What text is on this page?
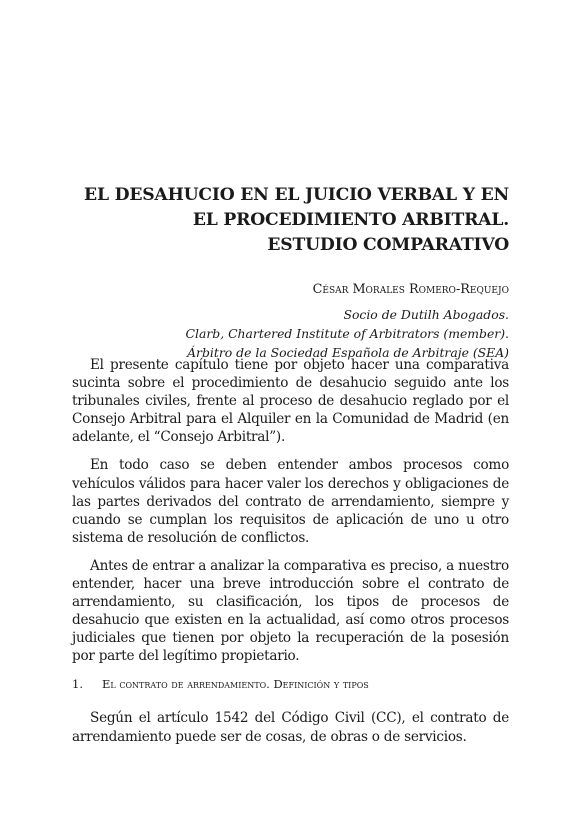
EL DESAHUCIO EN EL JUICIO VERBAL Y EN
EL PROCEDIMIENTO ARBITRAL.
ESTUDIO COMPARATIVO
César Morales Romero-Requejo
Socio de Dutilh Abogados.
Clarb, Chartered Institute of Arbitrators (member).
Árbitro de la Sociedad Española de Arbitraje (SEA)

El presente capítulo tiene por objeto hacer una comparativa sucinta sobre el procedimiento de desahucio seguido ante los tribunales civiles, frente al proceso de desahucio reglado por el Consejo Arbitral para el Alquiler en la Comunidad de Madrid (en adelante, el “Consejo Arbitral”).

En todo caso se deben entender ambos procesos como vehículos válidos para hacer valer los derechos y obligaciones de las partes derivados del contrato de arrendamiento, siempre y cuando se cumplan los requisitos de aplicación de uno u otro sistema de resolución de conflictos.

Antes de entrar a analizar la comparativa es preciso, a nuestro entender, hacer una breve introducción sobre el contrato de arrendamiento, su clasificación, los tipos de procesos de desahucio que existen en la actualidad, así como otros procesos judiciales que tienen por objeto la recuperación de la posesión por parte del legítimo propietario.

1. El contrato de arrendamiento. Definición y tipos

Según el artículo 1542 del Código Civil (CC), el contrato de arrendamiento puede ser de cosas, de obras o de servicios.
